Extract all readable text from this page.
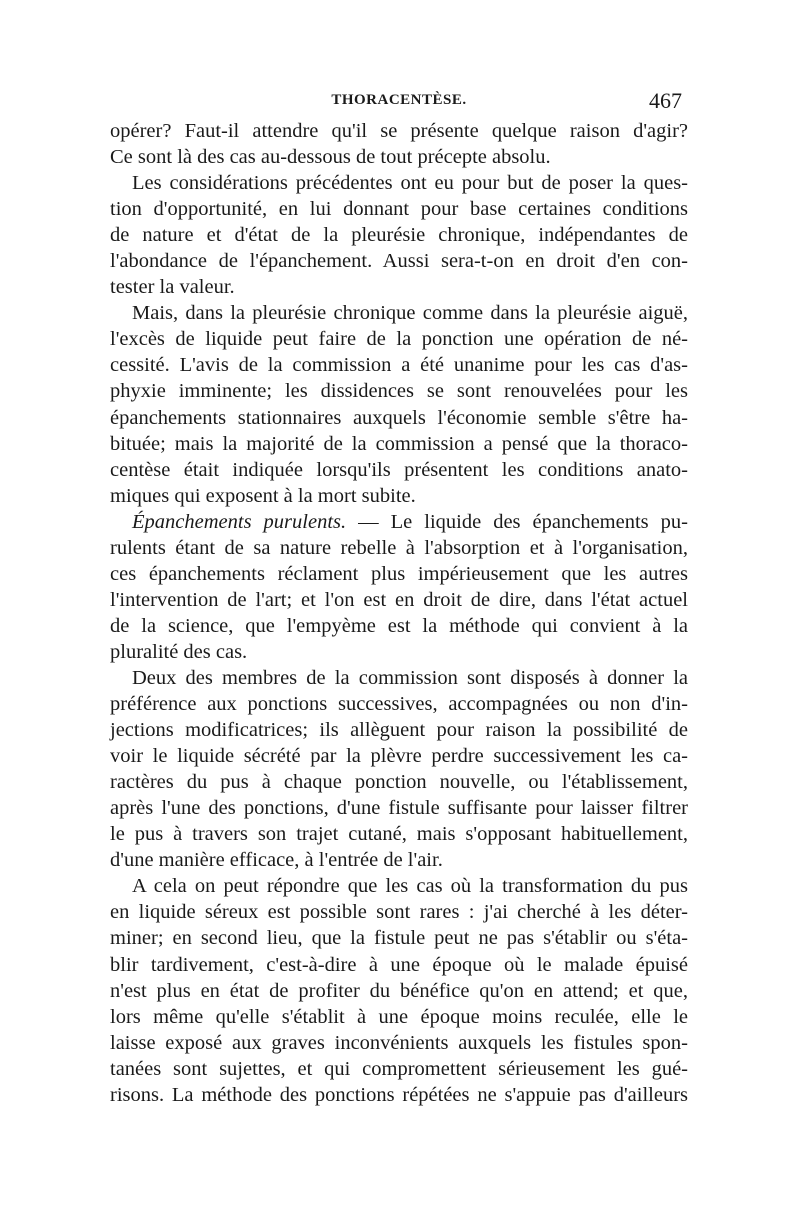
THORACENTÈSE.	467
opérer? Faut-il attendre qu'il se présente quelque raison d'agir?
Ce sont là des cas au-dessous de tout précepte absolu.
Les considérations précédentes ont eu pour but de poser la ques-
tion d'opportunité, en lui donnant pour base certaines conditions
de nature et d'état de la pleurésie chronique, indépendantes de
l'abondance de l'épanchement. Aussi sera-t-on en droit d'en con-
tester la valeur.
Mais, dans la pleurésie chronique comme dans la pleurésie aiguë,
l'excès de liquide peut faire de la ponction une opération de né-
cessité. L'avis de la commission a été unanime pour les cas d'as-
phyxie imminente; les dissidences se sont renouvelées pour les
épanchements stationnaires auxquels l'économie semble s'être ha-
bituée; mais la majorité de la commission a pensé que la thoraco-
centèse était indiquée lorsqu'ils présentent les conditions anato-
miques qui exposent à la mort subite.
Épanchements purulents. — Le liquide des épanchements pu-
rulents étant de sa nature rebelle à l'absorption et à l'organisation,
ces épanchements réclament plus impérieusement que les autres
l'intervention de l'art; et l'on est en droit de dire, dans l'état actuel
de la science, que l'empyème est la méthode qui convient à la
pluralité des cas.
Deux des membres de la commission sont disposés à donner la
préférence aux ponctions successives, accompagnées ou non d'in-
jections modificatrices; ils allèguent pour raison la possibilité de
voir le liquide sécrété par la plèvre perdre successivement les ca-
ractères du pus à chaque ponction nouvelle, ou l'établissement,
après l'une des ponctions, d'une fistule suffisante pour laisser filtrer
le pus à travers son trajet cutané, mais s'opposant habituellement,
d'une manière efficace, à l'entrée de l'air.
A cela on peut répondre que les cas où la transformation du pus
en liquide séreux est possible sont rares : j'ai cherché à les déter-
miner; en second lieu, que la fistule peut ne pas s'établir ou s'éta-
blir tardivement, c'est-à-dire à une époque où le malade épuisé
n'est plus en état de profiter du bénéfice qu'on en attend; et que,
lors même qu'elle s'établit à une époque moins reculée, elle le
laisse exposé aux graves inconvénients auxquels les fistules spon-
tanées sont sujettes, et qui compromettent sérieusement les gué-
risons. La méthode des ponctions répétées ne s'appuie pas d'ailleurs
